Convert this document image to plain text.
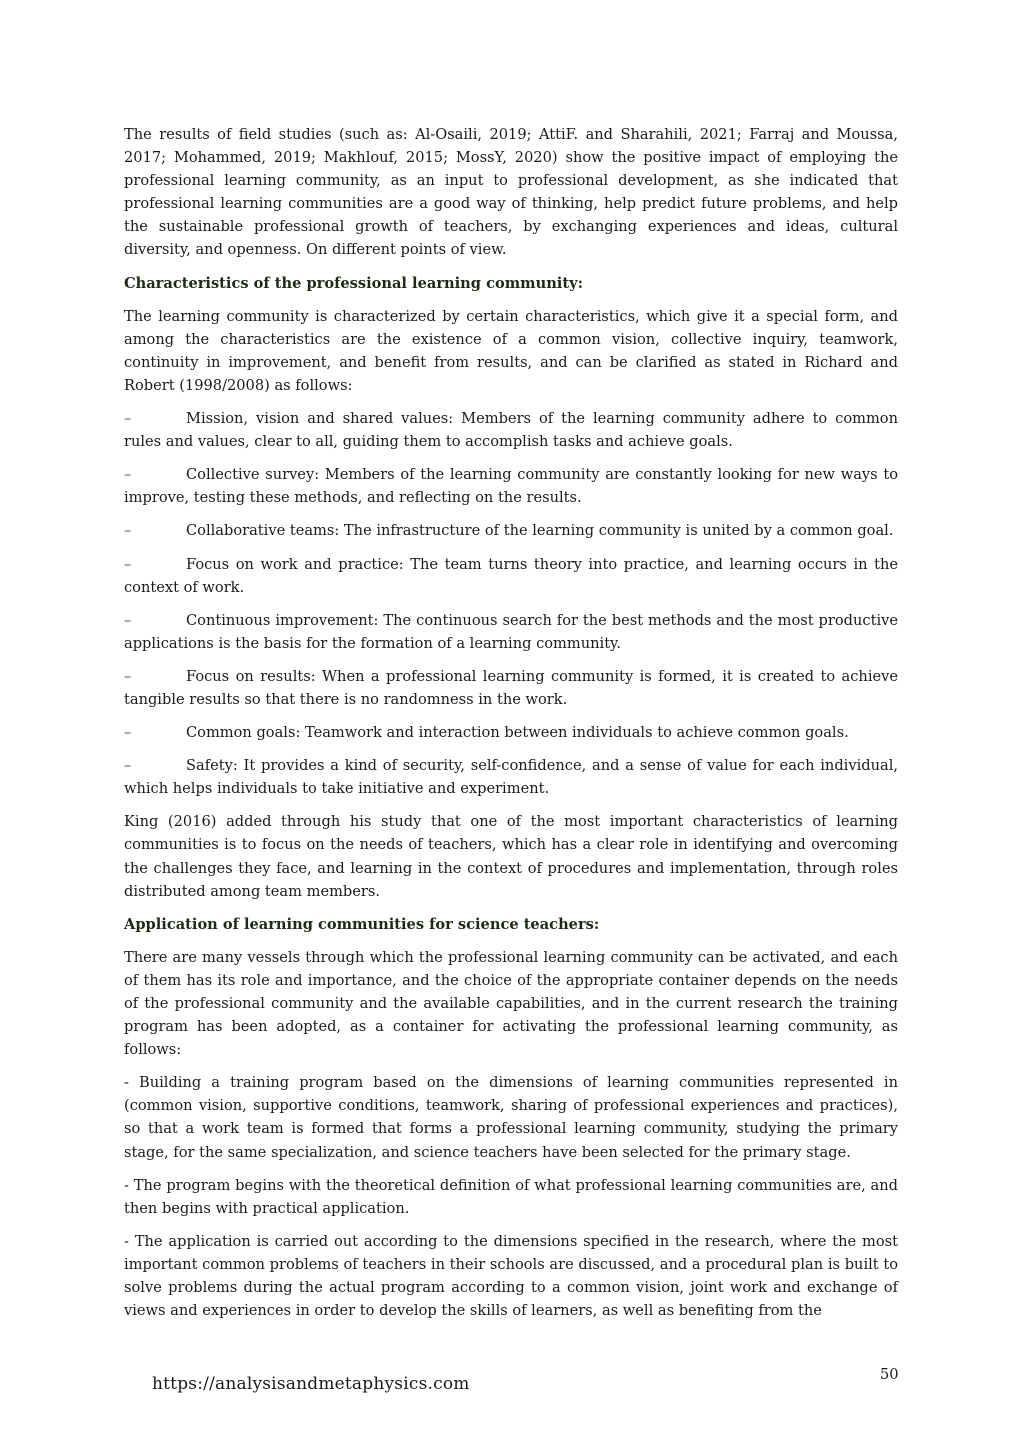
The results of field studies (such as: Al-Osaili, 2019; AttiF. and Sharahili, 2021; Farraj and Moussa, 2017; Mohammed, 2019; Makhlouf, 2015; MossY, 2020) show the positive impact of employing the professional learning community, as an input to professional development, as she indicated that professional learning communities are a good way of thinking, help predict future problems, and help the sustainable professional growth of teachers, by exchanging experiences and ideas, cultural diversity, and openness. On different points of view.

Characteristics of the professional learning community:

The learning community is characterized by certain characteristics, which give it a special form, and among the characteristics are the existence of a common vision, collective inquiry, teamwork, continuity in improvement, and benefit from results, and can be clarified as stated in Richard and Robert (1998/2008) as follows:

–	Mission, vision and shared values: Members of the learning community adhere to common rules and values, clear to all, guiding them to accomplish tasks and achieve goals.

–	Collective survey: Members of the learning community are constantly looking for new ways to improve, testing these methods, and reflecting on the results.

–	Collaborative teams: The infrastructure of the learning community is united by a common goal.

–	Focus on work and practice: The team turns theory into practice, and learning occurs in the context of work.

–	Continuous improvement: The continuous search for the best methods and the most productive applications is the basis for the formation of a learning community.

–	Focus on results: When a professional learning community is formed, it is created to achieve tangible results so that there is no randomness in the work.

–	Common goals: Teamwork and interaction between individuals to achieve common goals.

–	Safety: It provides a kind of security, self-confidence, and a sense of value for each individual, which helps individuals to take initiative and experiment.

King (2016) added through his study that one of the most important characteristics of learning communities is to focus on the needs of teachers, which has a clear role in identifying and overcoming the challenges they face, and learning in the context of procedures and implementation, through roles distributed among team members.

Application of learning communities for science teachers:

There are many vessels through which the professional learning community can be activated, and each of them has its role and importance, and the choice of the appropriate container depends on the needs of the professional community and the available capabilities, and in the current research the training program has been adopted, as a container for activating the professional learning community, as follows:

- Building a training program based on the dimensions of learning communities represented in (common vision, supportive conditions, teamwork, sharing of professional experiences and practices), so that a work team is formed that forms a professional learning community, studying the primary stage, for the same specialization, and science teachers have been selected for the primary stage.

- The program begins with the theoretical definition of what professional learning communities are, and then begins with practical application.

- The application is carried out according to the dimensions specified in the research, where the most important common problems of teachers in their schools are discussed, and a procedural plan is built to solve problems during the actual program according to a common vision, joint work and exchange of views and experiences in order to develop the skills of learners, as well as benefiting from the

https://analysisandmetaphysics.com	50
